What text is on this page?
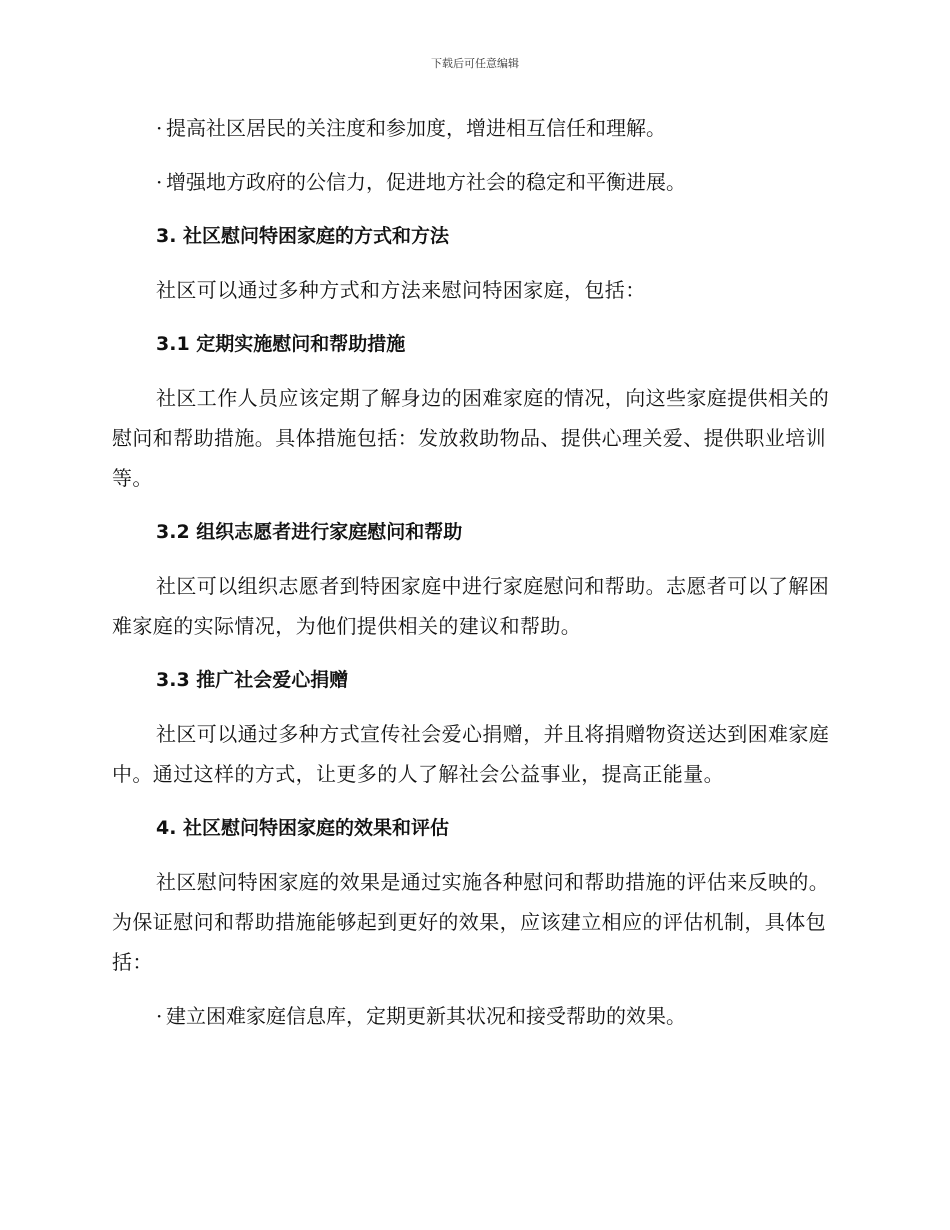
下载后可任意编辑

· 提高社区居民的关注度和参加度，增进相互信任和理解。

· 增强地方政府的公信力，促进地方社会的稳定和平衡进展。

3. 社区慰问特困家庭的方式和方法

社区可以通过多种方式和方法来慰问特困家庭，包括：

3.1 定期实施慰问和帮助措施

社区工作人员应该定期了解身边的困难家庭的情况，向这些家庭提供相关的慰问和帮助措施。具体措施包括：发放救助物品、提供心理关爱、提供职业培训等。

3.2 组织志愿者进行家庭慰问和帮助

社区可以组织志愿者到特困家庭中进行家庭慰问和帮助。志愿者可以了解困难家庭的实际情况，为他们提供相关的建议和帮助。

3.3 推广社会爱心捐赠

社区可以通过多种方式宣传社会爱心捐赠，并且将捐赠物资送达到困难家庭中。通过这样的方式，让更多的人了解社会公益事业，提高正能量。

4. 社区慰问特困家庭的效果和评估

社区慰问特困家庭的效果是通过实施各种慰问和帮助措施的评估来反映的。为保证慰问和帮助措施能够起到更好的效果，应该建立相应的评估机制，具体包括：

· 建立困难家庭信息库，定期更新其状况和接受帮助的效果。
